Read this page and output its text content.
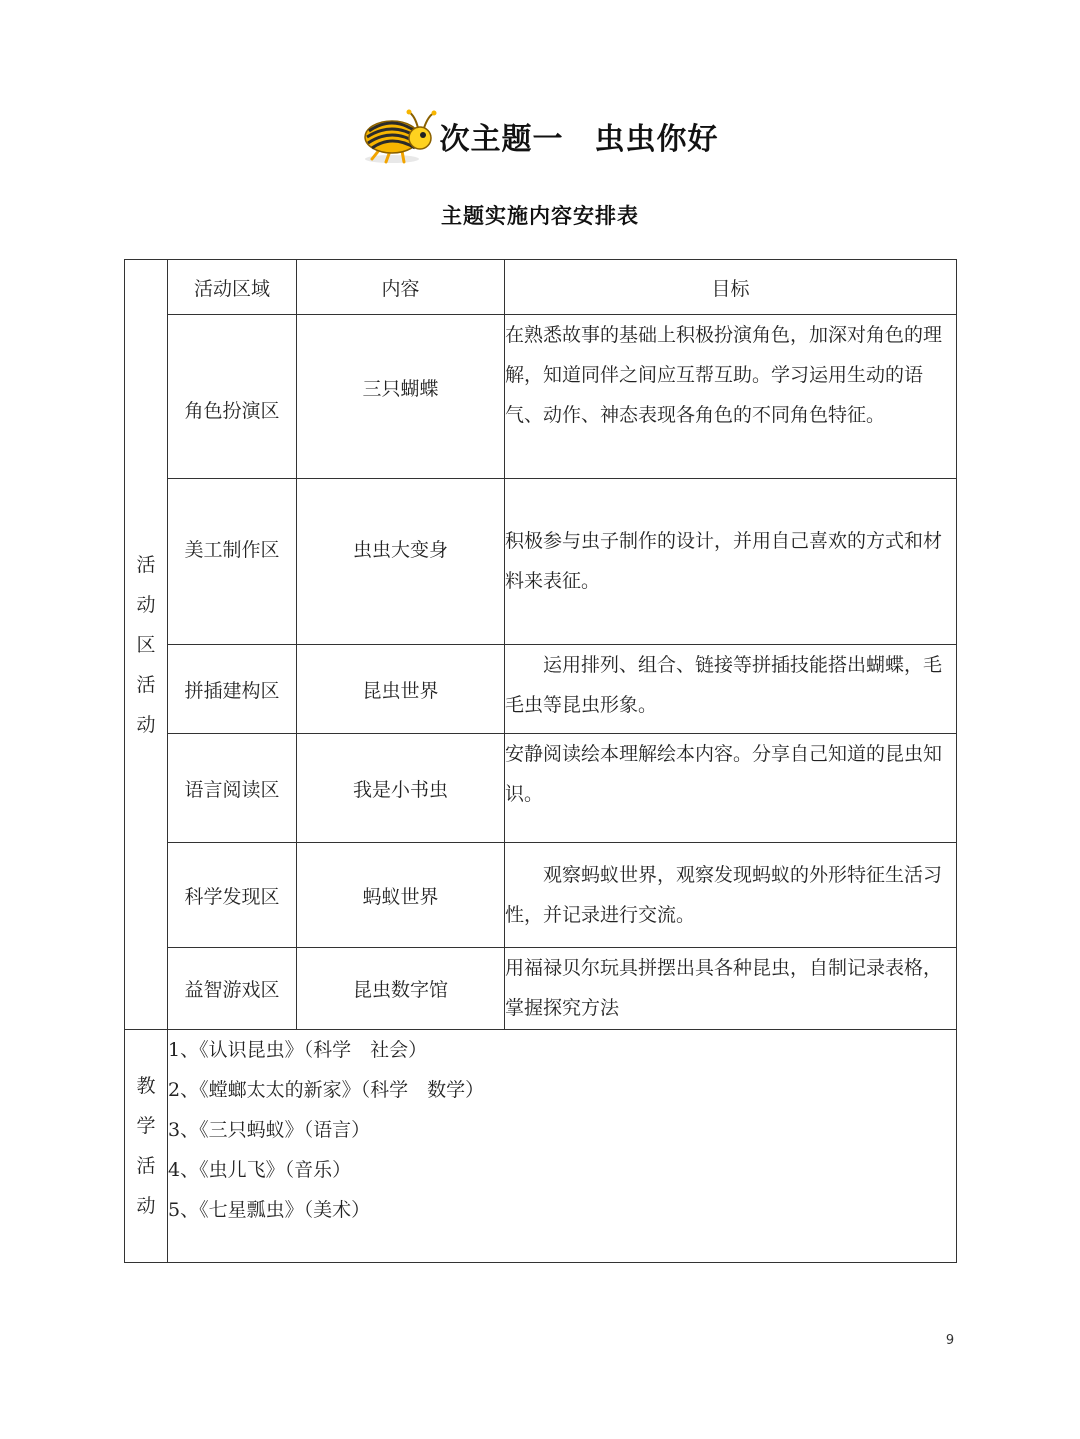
次主题一　虫虫你好
主题实施内容安排表
活动区活动	活动区域	内容	目标
	角色扮演区	三只蝴蝶	在熟悉故事的基础上积极扮演角色，加深对角色的理解，知道同伴之间应互帮互助。学习运用生动的语气、动作、神态表现各角色的不同角色特征。
	美工制作区	虫虫大变身	积极参与虫子制作的设计，并用自己喜欢的方式和材料来表征。
	拼插建构区	昆虫世界	运用排列、组合、链接等拼插技能搭出蝴蝶，毛毛虫等昆虫形象。
	语言阅读区	我是小书虫	安静阅读绘本理解绘本内容。分享自己知道的昆虫知识。
	科学发现区	蚂蚁世界	观察蚂蚁世界，观察发现蚂蚁的外形特征生活习性，并记录进行交流。
	益智游戏区	昆虫数字馆	用福禄贝尔玩具拼摆出具各种昆虫，自制记录表格，掌握探究方法
教学活动	1、《认识昆虫》（科学　社会）
2、《螳螂太太的新家》（科学　数学）
3、《三只蚂蚁》（语言）
4、《虫儿飞》（音乐）
5、《七星瓢虫》（美术）		
9
